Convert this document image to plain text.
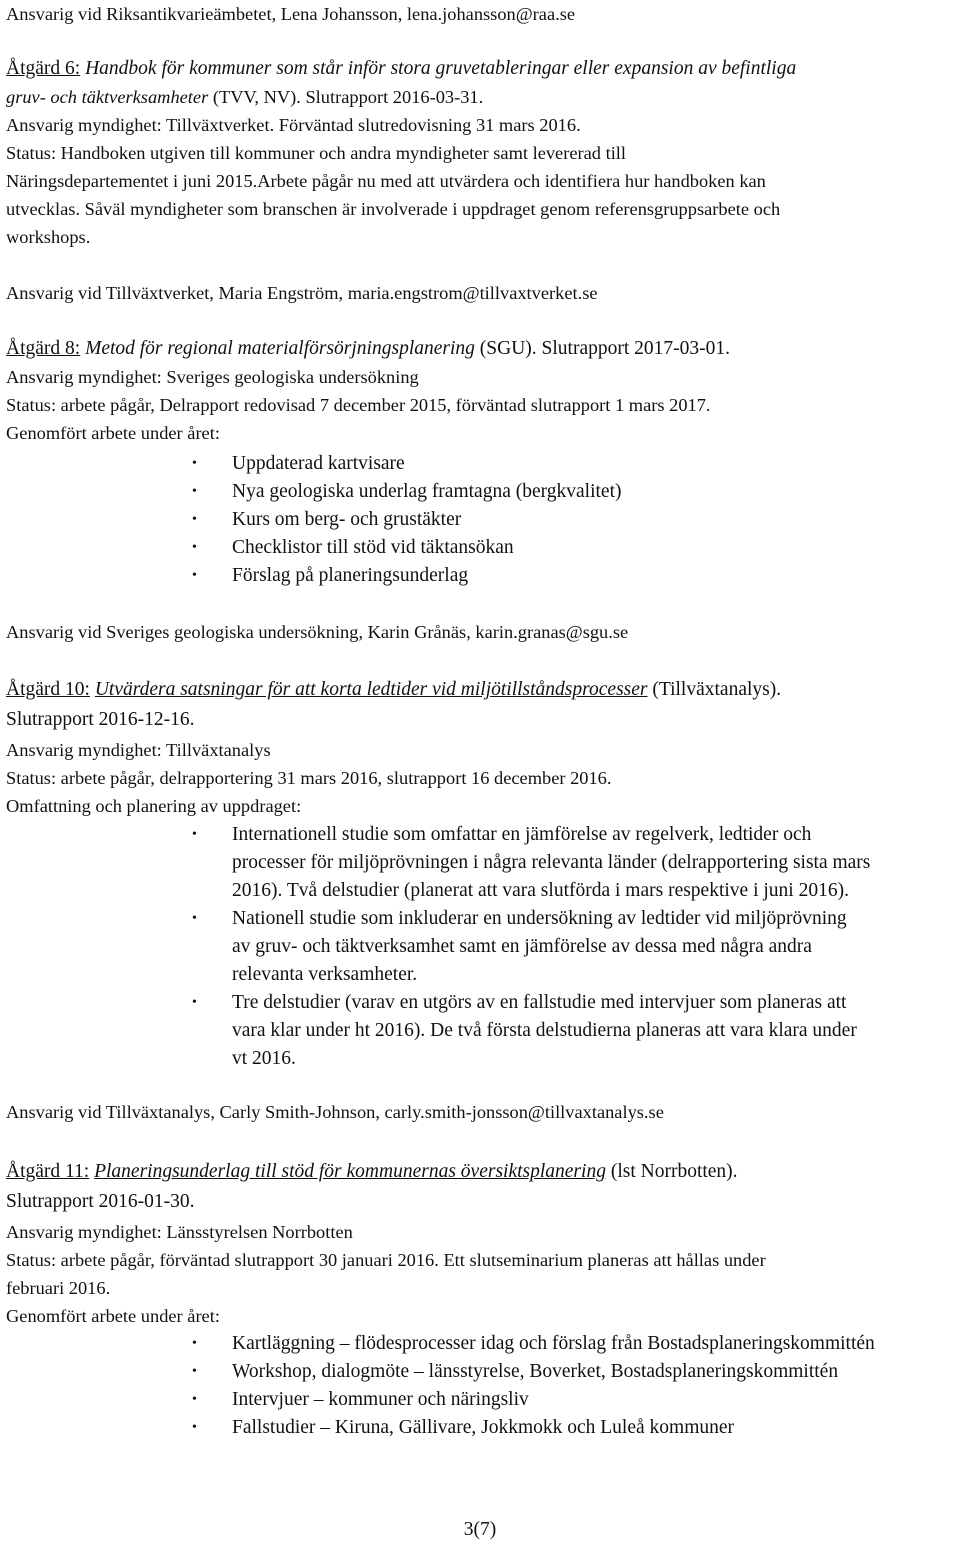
Ansvarig vid Riksantikvarieämbetet, Lena Johansson, lena.johansson@raa.se
Åtgärd 6: Handbok för kommuner som står inför stora gruvetableringar eller expansion av befintliga
gruv- och täktverksamheter (TVV, NV). Slutrapport 2016-03-31.
Ansvarig myndighet: Tillväxtverket. Förväntad slutredovisning 31 mars 2016.
Status: Handboken utgiven till kommuner och andra myndigheter samt levererad till
Näringsdepartementet i juni 2015.Arbete pågår nu med att utvärdera och identifiera hur handboken kan
utvecklas. Såväl myndigheter som branschen är involverade i uppdraget genom referensgruppsarbete och
workshops.
Ansvarig vid Tillväxtverket, Maria Engström, maria.engstrom@tillvaxtverket.se
Åtgärd 8: Metod för regional materialförsörjningsplanering (SGU). Slutrapport 2017-03-01.
Ansvarig myndighet: Sveriges geologiska undersökning
Status: arbete pågår, Delrapport redovisad 7 december 2015, förväntad slutrapport 1 mars 2017.
Genomfört arbete under året:
• Uppdaterad kartvisare
• Nya geologiska underlag framtagna (bergkvalitet)
• Kurs om berg- och grustäkter
• Checklistor till stöd vid täktansökan
• Förslag på planeringsunderlag
Ansvarig vid Sveriges geologiska undersökning, Karin Grånäs, karin.granas@sgu.se
Åtgärd 10: Utvärdera satsningar för att korta ledtider vid miljötillståndsprocesser (Tillväxtanalys).
Slutrapport 2016-12-16.
Ansvarig myndighet: Tillväxtanalys
Status: arbete pågår, delrapportering 31 mars 2016, slutrapport 16 december 2016.
Omfattning och planering av uppdraget:
• Internationell studie som omfattar en jämförelse av regelverk, ledtider och
processer för miljöprövningen i några relevanta länder (delrapportering sista mars
2016). Två delstudier (planerat att vara slutförda i mars respektive i juni 2016).
• Nationell studie som inkluderar en undersökning av ledtider vid miljöprövning
av gruv- och täktverksamhet samt en jämförelse av dessa med några andra
relevanta verksamheter.
• Tre delstudier (varav en utgörs av en fallstudie med intervjuer som planeras att
vara klar under ht 2016). De två första delstudierna planeras att vara klara under
vt 2016.
Ansvarig vid Tillväxtanalys, Carly Smith-Johnson, carly.smith-jonsson@tillvaxtanalys.se
Åtgärd 11: Planeringsunderlag till stöd för kommunernas översiktsplanering (lst Norrbotten).
Slutrapport 2016-01-30.
Ansvarig myndighet: Länsstyrelsen Norrbotten
Status: arbete pågår, förväntad slutrapport 30 januari 2016. Ett slutseminarium planeras att hållas under
februari 2016.
Genomfört arbete under året:
• Kartläggning – flödesprocesser idag och förslag från Bostadsplaneringskommittén
• Workshop, dialogmöte – länsstyrelse, Boverket, Bostadsplaneringskommittén
• Intervjuer – kommuner och näringsliv
• Fallstudier – Kiruna, Gällivare, Jokkmokk och Luleå kommuner
3(7)
